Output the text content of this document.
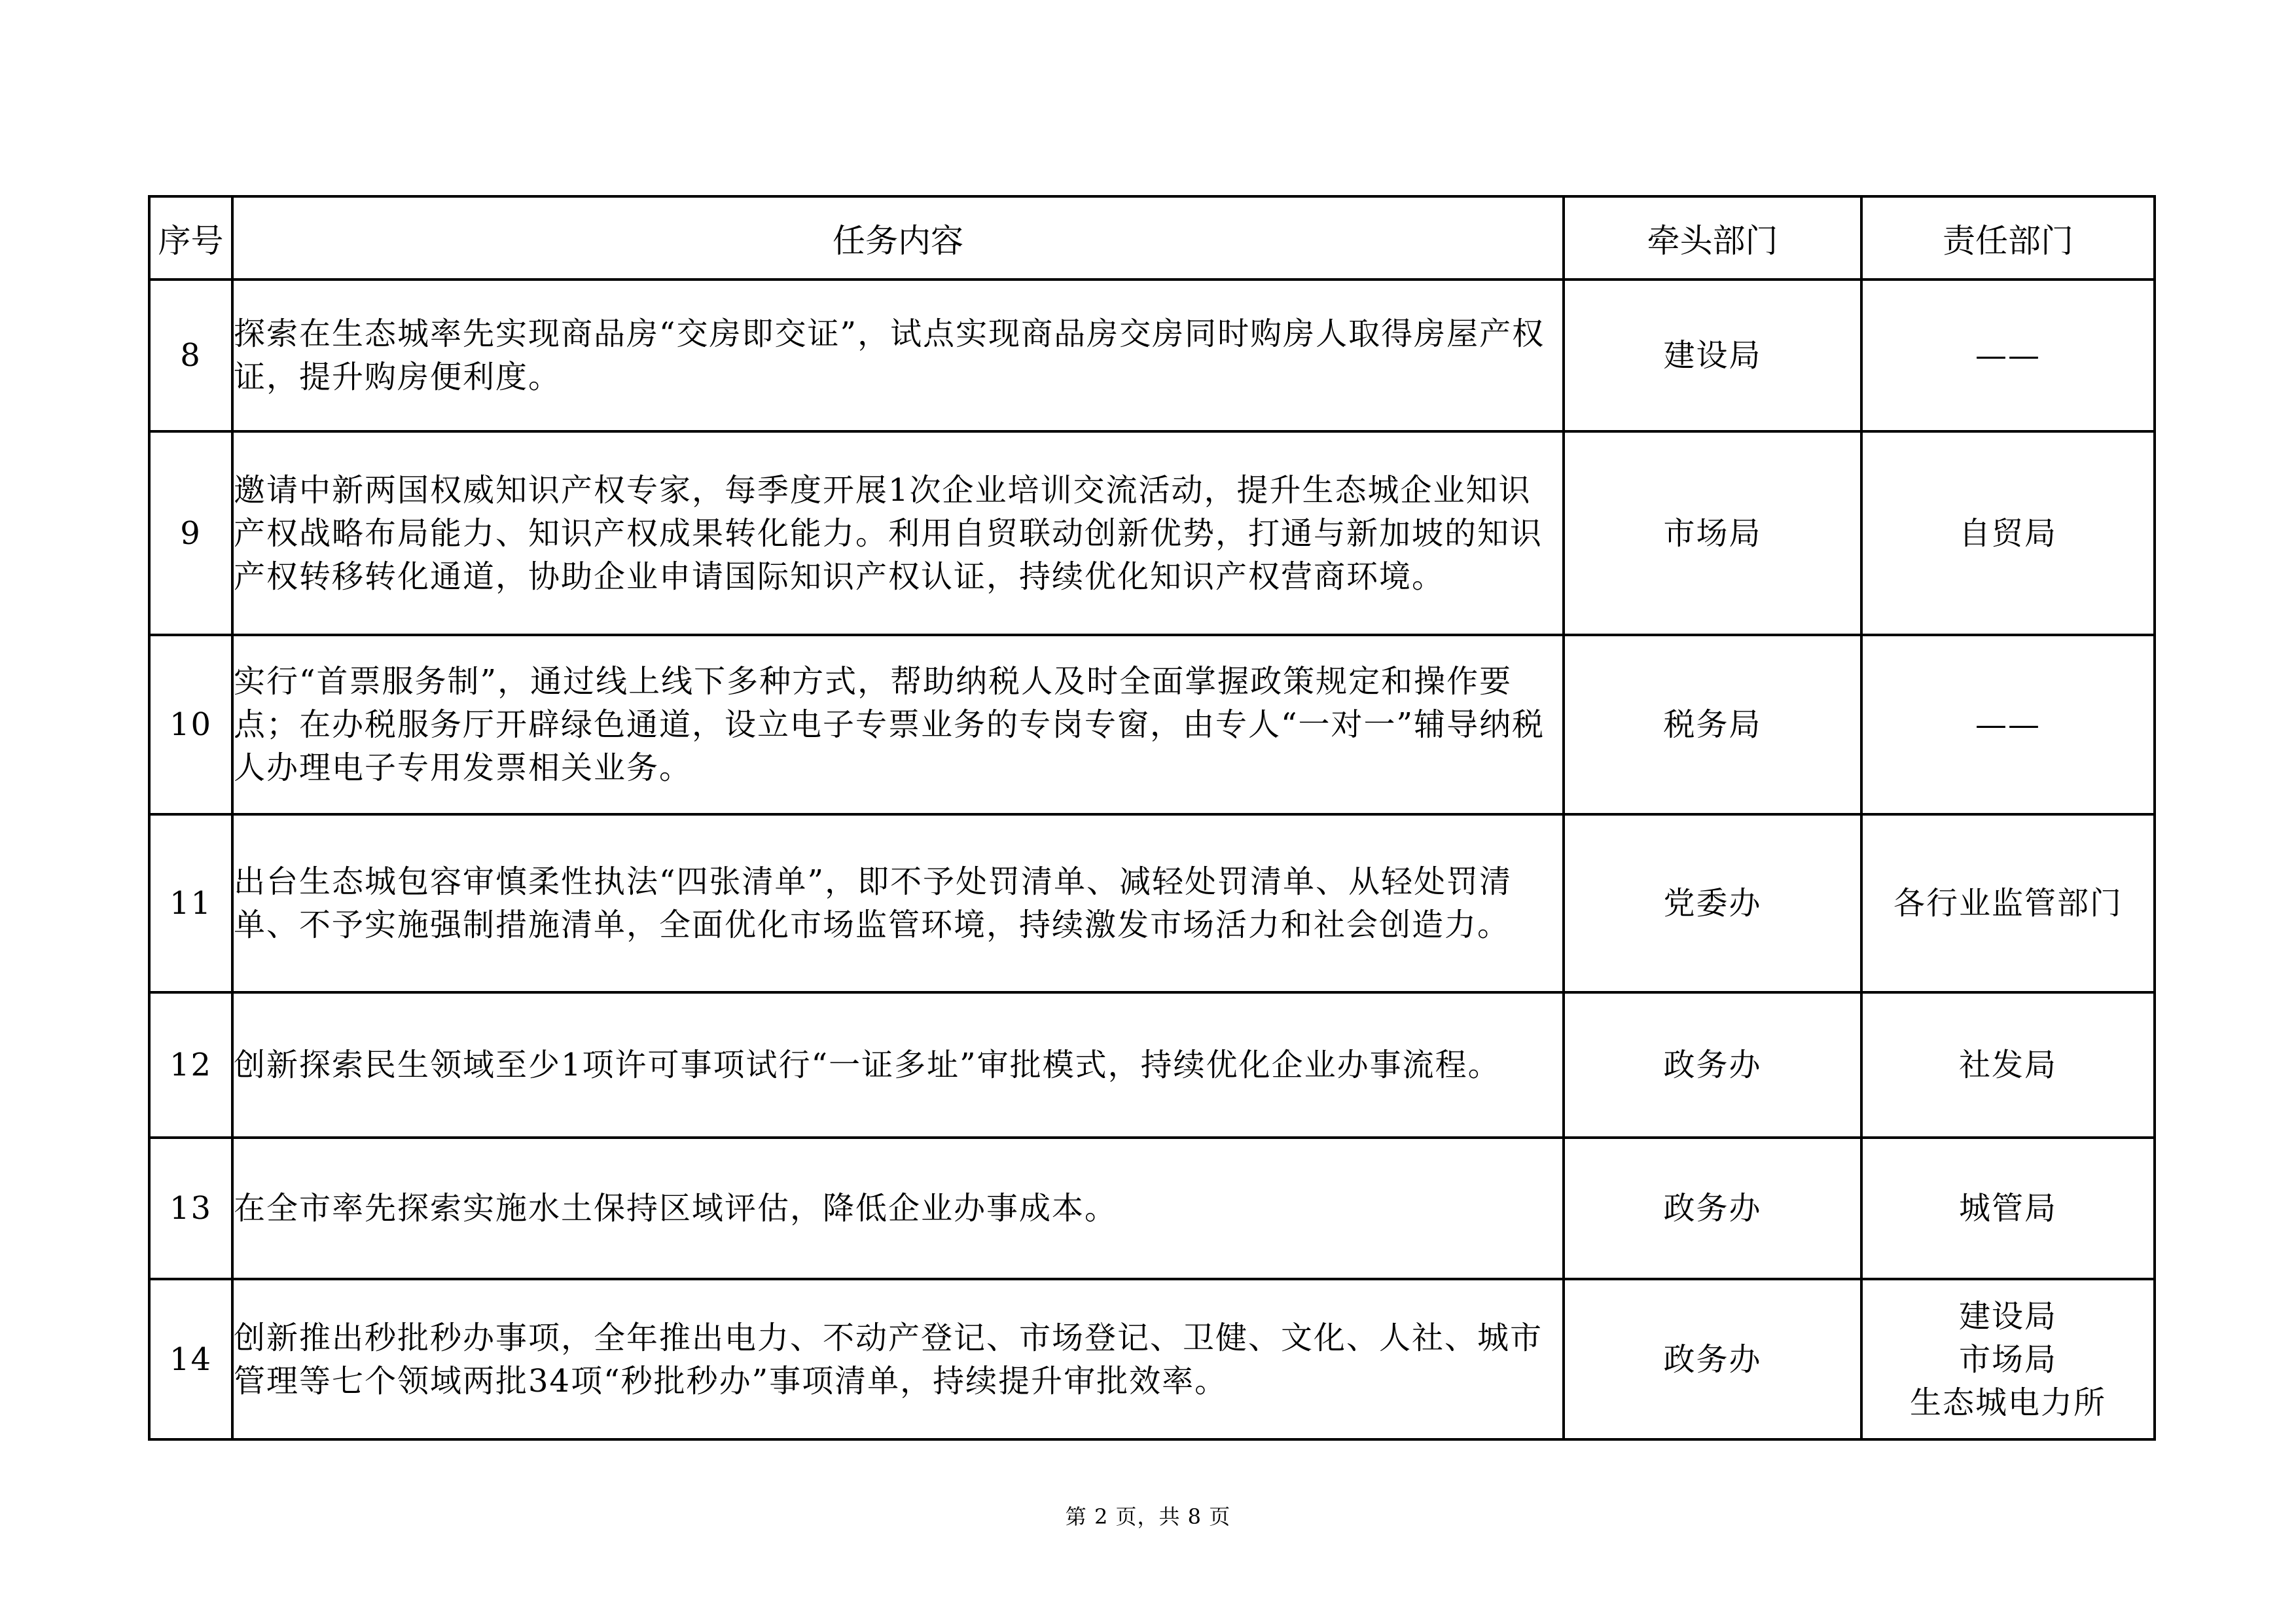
序号	任务内容	牵头部门	责任部门
8	探索在生态城率先实现商品房“交房即交证”，试点实现商品房交房同时购房人取得房屋产权证，提升购房便利度。	建设局	——

9	邀请中新两国权威知识产权专家，每季度开展1次企业培训交流活动，提升生态城企业知识产权战略布局能力、知识产权成果转化能力。利用自贸联动创新优势，打通与新加坡的知识产权转移转化通道，协助企业申请国际知识产权认证，持续优化知识产权营商环境。	市场局	自贸局

10	实行“首票服务制”，通过线上线下多种方式，帮助纳税人及时全面掌握政策规定和操作要点；在办税服务厅开辟绿色通道，设立电子专票业务的专岗专窗，由专人“一对一”辅导纳税人办理电子专用发票相关业务。	税务局	——

11	出台生态城包容审慎柔性执法“四张清单”，即不予处罚清单、减轻处罚清单、从轻处罚清单、不予实施强制措施清单，全面优化市场监管环境，持续激发市场活力和社会创造力。	党委办	各行业监管部门

12	创新探索民生领域至少1项许可事项试行“一证多址”审批模式，持续优化企业办事流程。	政务办	社发局

13	在全市率先探索实施水土保持区域评估，降低企业办事成本。	政务办	城管局

14	创新推出秒批秒办事项，全年推出电力、不动产登记、市场登记、卫健、文化、人社、城市管理等七个领域两批34项“秒批秒办”事项清单，持续提升审批效率。	政务办	建设局
市场局
生态城电力所
第 2 页，共 8 页
